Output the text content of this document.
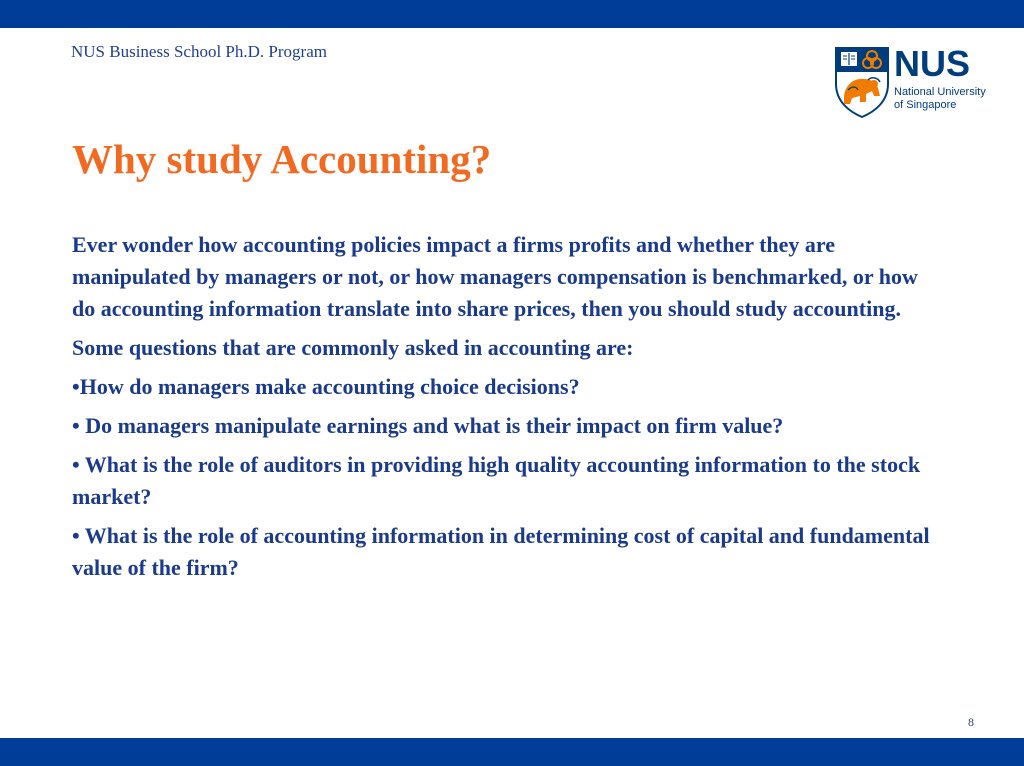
NUS Business School Ph.D. Program	NUS
National University
of Singapore
Why study Accounting?

Ever wonder how accounting policies impact a firms profits and whether they are manipulated by managers or not, or how managers compensation is benchmarked, or how do accounting information translate into share prices, then you should study accounting.

Some questions that are commonly asked in accounting are:

•How do managers make accounting choice decisions?

• Do managers manipulate earnings and what is their impact on firm value?

• What is the role of auditors in providing high quality accounting information to the stock market?

• What is the role of accounting information in determining cost of capital and fundamental value of the firm?

8
